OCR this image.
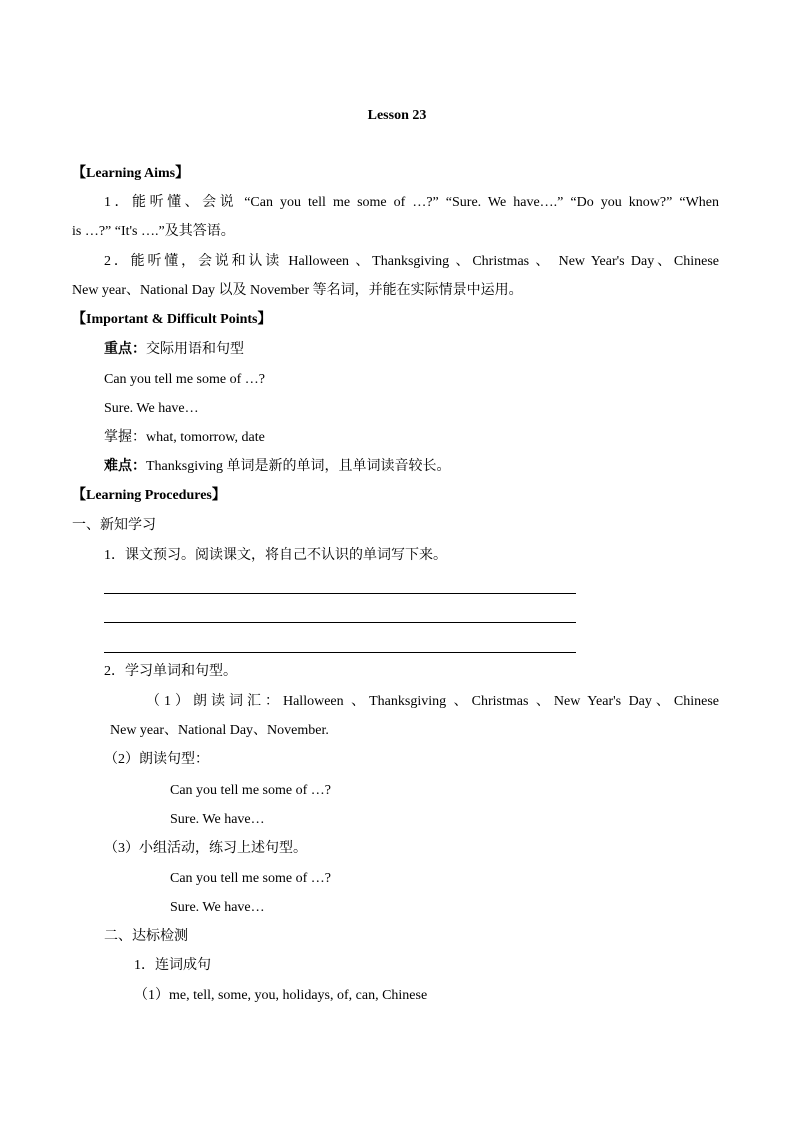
Lesson 23
【Learning Aims】
1．能听懂、会说 “Can you tell me some of …?” “Sure. We have….” “Do you know?” “When
is …?” “It's ….”及其答语。
2．能听懂，会说和认读 Halloween 、Thanksgiving 、Christmas 、 New Year's Day、Chinese
New year、National Day 以及 November 等名词，并能在实际情景中运用。
【Important & Difficult Points】
重点：交际用语和句型
Can you tell me some of …?
Sure. We have…
掌握：what, tomorrow, date
难点：Thanksgiving 单词是新的单词，且单词读音较长。
【Learning Procedures】
一、新知学习
1．课文预习。阅读课文，将自己不认识的单词写下来。
2．学习单词和句型。
（1）朗读词汇：Halloween 、Thanksgiving 、Christmas 、New Year's Day、Chinese
New year、National Day、November.
（2）朗读句型：
Can you tell me some of …?
Sure. We have…
（3）小组活动，练习上述句型。
Can you tell me some of …?
Sure. We have…
二、达标检测
1．连词成句
（1）me, tell, some, you, holidays, of, can, Chinese
